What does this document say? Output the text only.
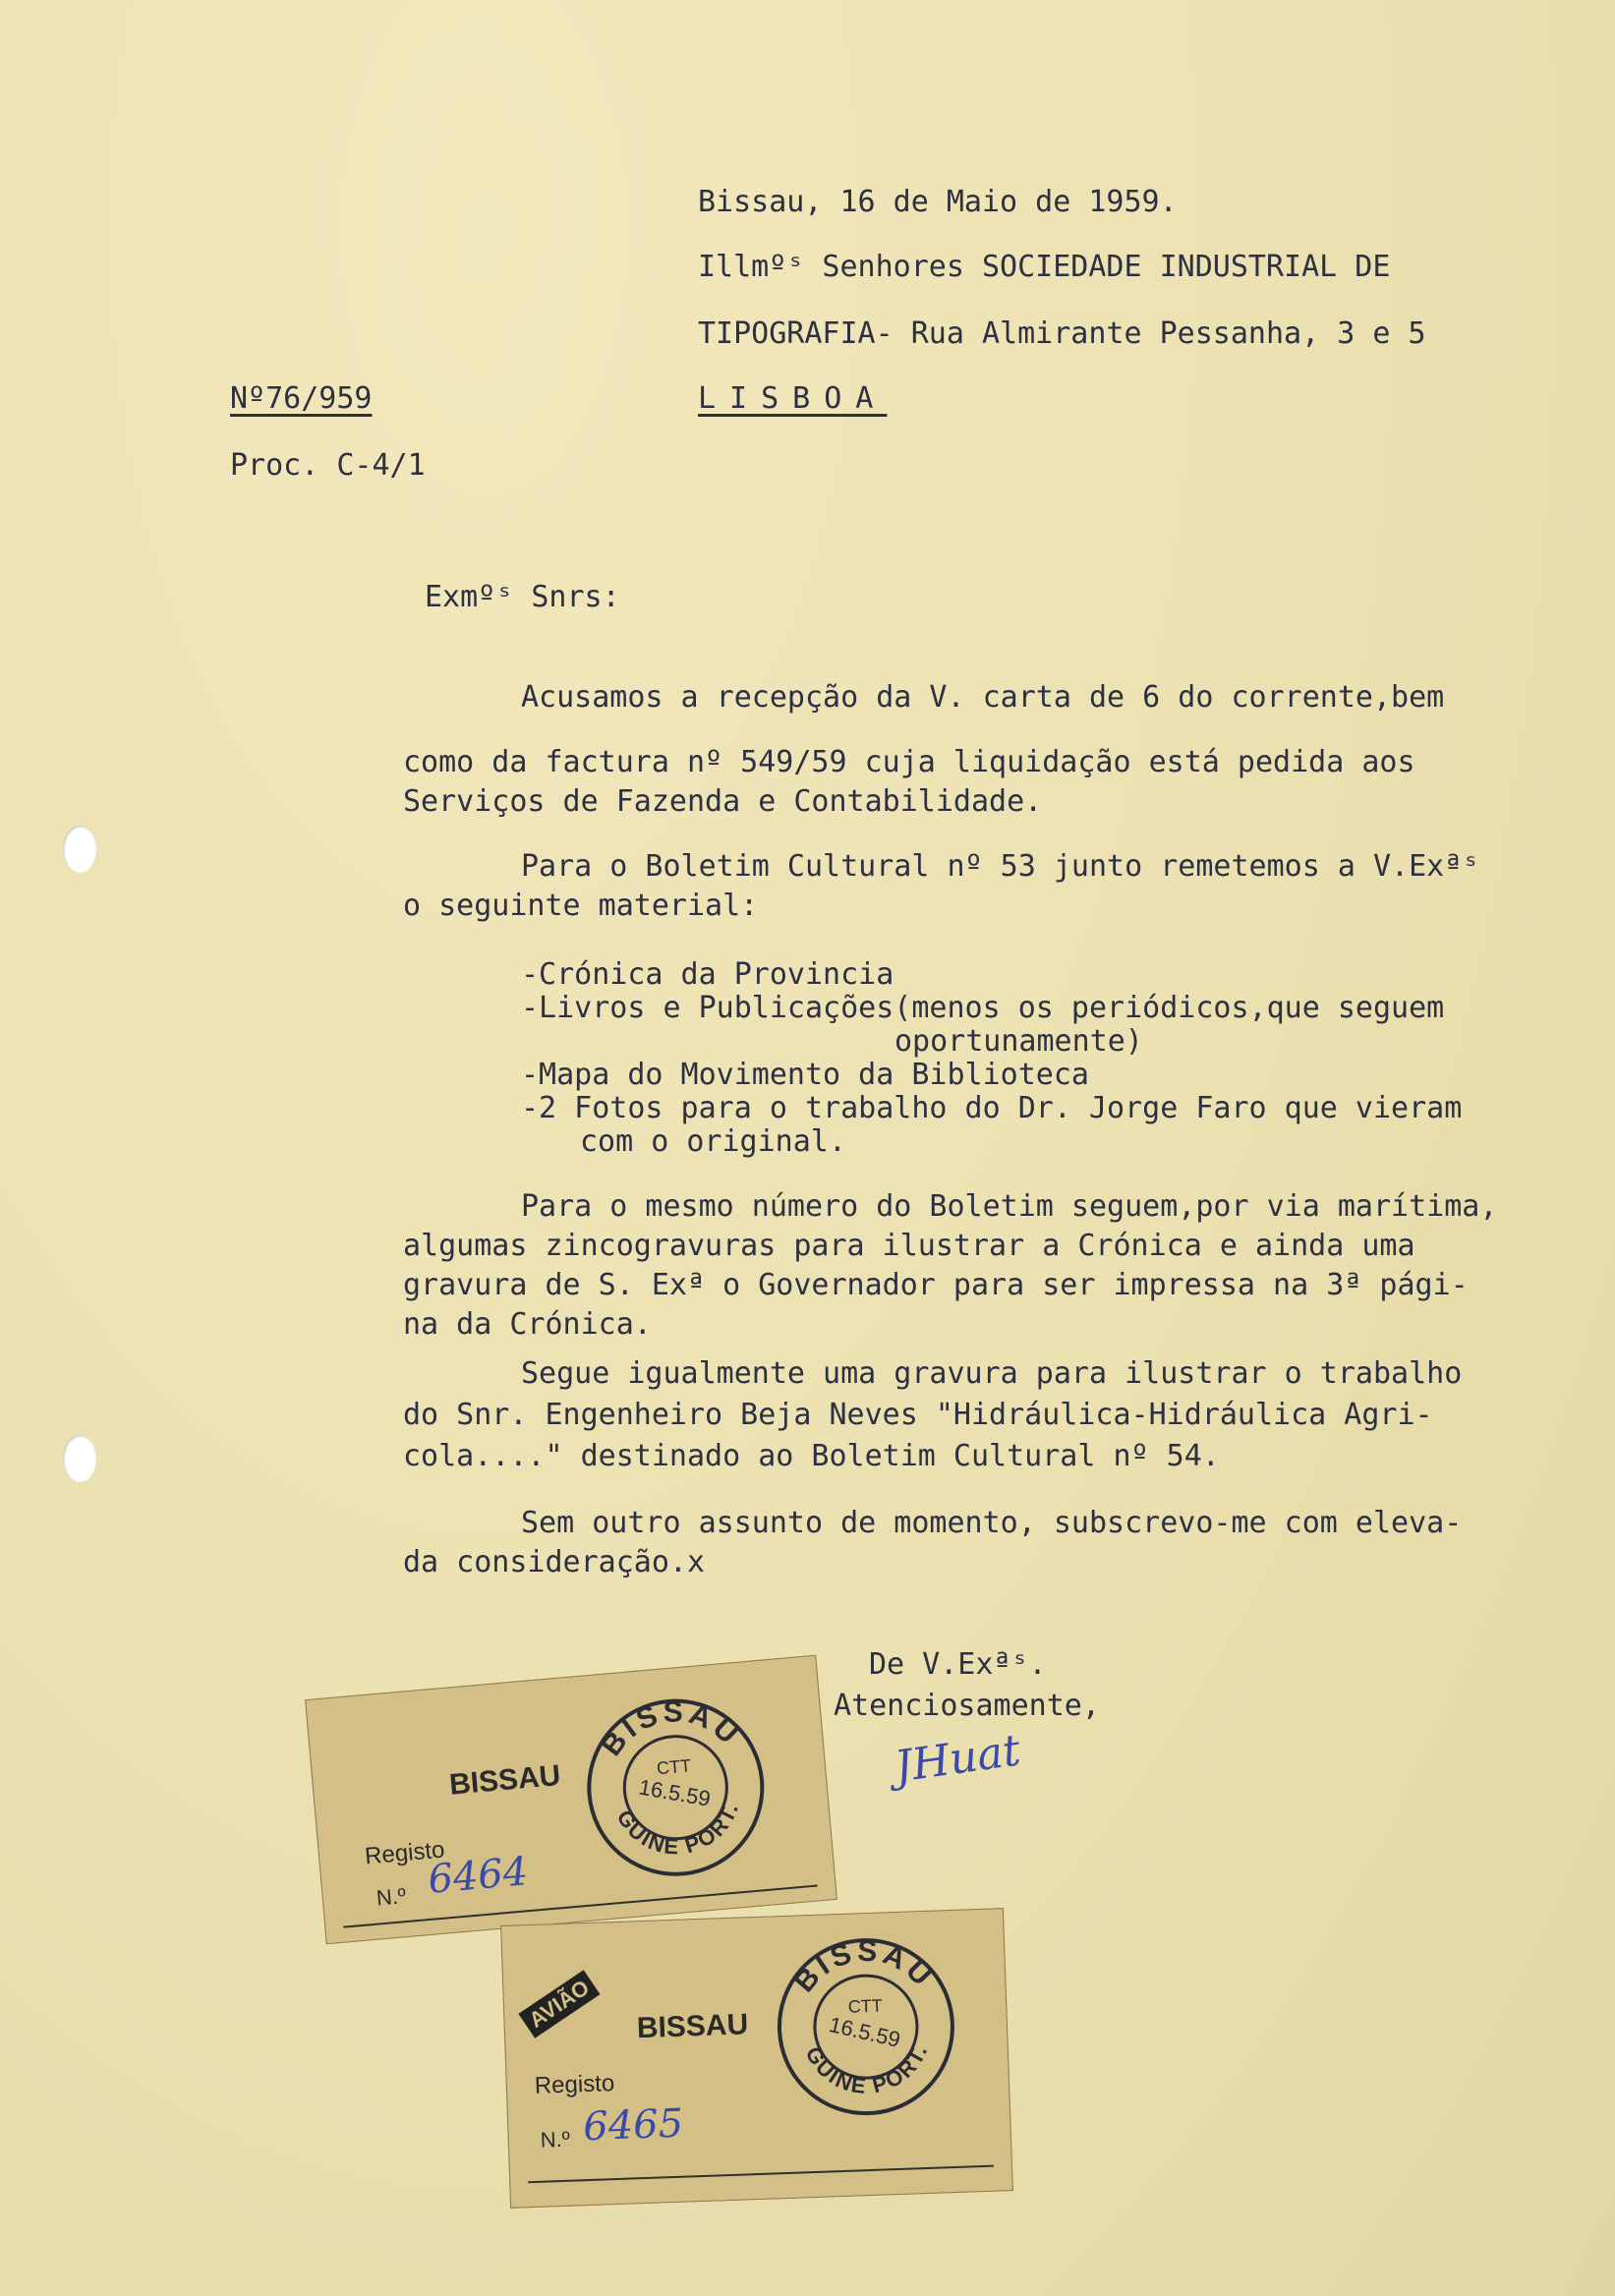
Bissau, 16 de Maio de 1959.
Illmºˢ Senhores SOCIEDADE INDUSTRIAL DE
TIPOGRAFIA- Rua Almirante Pessanha, 3 e 5
LISBOA
Nº76/959
Proc. C-4/1
Exmºˢ Snrs:
Acusamos a recepção da V. carta de 6 do corrente,bem
como da factura nº 549/59 cuja liquidação está pedida aos
Serviços de Fazenda e Contabilidade.
Para o Boletim Cultural nº 53 junto remetemos a V.Exªˢ
o seguinte material:
-Crónica da Provincia
-Livros e Publicações(menos os periódicos,que seguem
oportunamente)
-Mapa do Movimento da Biblioteca
-2 Fotos para o trabalho do Dr. Jorge Faro que vieram
com o original.
Para o mesmo número do Boletim seguem,por via marítima,
algumas zincogravuras para ilustrar a Crónica e ainda uma
gravura de S. Exª o Governador para ser impressa na 3ª pági-
na da Crónica.
Segue igualmente uma gravura para ilustrar o trabalho
do Snr. Engenheiro Beja Neves "Hidráulica-Hidráulica Agri-
cola...." destinado ao Boletim Cultural nº 54.
Sem outro assunto de momento, subscrevo-me com eleva-
da consideração.x
De V.Exªˢ.
Atenciosamente,
JHuat
BISSAU
Registo
N.º 6464
BISSAU
GUINE PORT.
CTT
16.5.59
AVIÃO BISSAU
Registo
N.º 6465
BISSAU
GUINE PORT.
CTT
16.5.59
